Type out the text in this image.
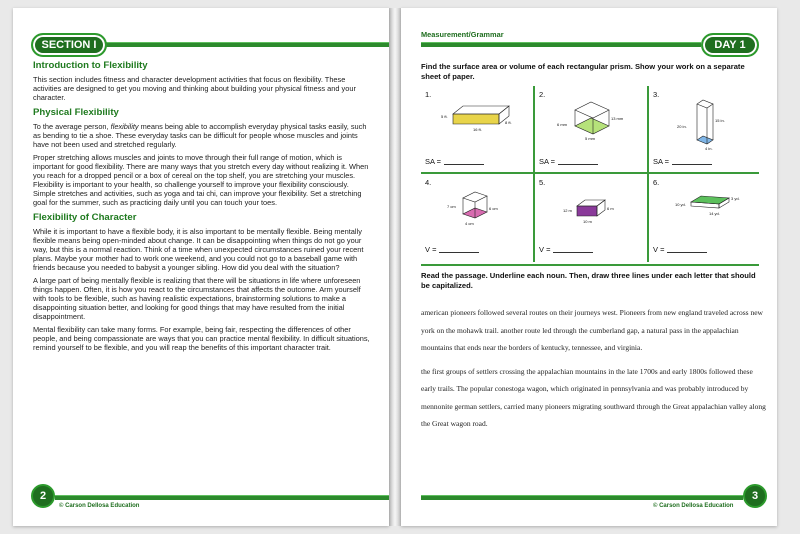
SECTION I
Introduction to Flexibility

This section includes fitness and character development activities that focus on flexibility. These activities are designed to get you moving and thinking about building your physical fitness and your character.

Physical Flexibility

To the average person, flexibility means being able to accomplish everyday physical tasks easily, such as bending to tie a shoe. These everyday tasks can be difficult for people whose muscles and joints have not been used and stretched regularly.

Proper stretching allows muscles and joints to move through their full range of motion, which is important for good flexibility. There are many ways that you stretch every day without realizing it. When you reach for a dropped pencil or a box of cereal on the top shelf, you are stretching your muscles. Flexibility is important to your health, so challenge yourself to improve your flexibility consciously. Simple stretches and activities, such as yoga and tai chi, can improve your flexibility. Set a stretching goal for the summer, such as practicing daily until you can touch your toes.

Flexibility of Character

While it is important to have a flexible body, it is also important to be mentally flexible. Being mentally flexible means being open-minded about change. It can be disappointing when things do not go your way, but this is a normal reaction. Think of a time when unexpected circumstances ruined your recent plans. Maybe your mother had to work one weekend, and you could not go to a baseball game with friends because you needed to babysit a younger sibling. How did you deal with the situation?

A large part of being mentally flexible is realizing that there will be situations in life where unforeseen things happen. Often, it is how you react to the circumstances that affects the outcome. Arm yourself with tools to be flexible, such as having realistic expectations, brainstorming solutions to make a disappointing situation better, and looking for good things that may have resulted from the initial disappointment.

Mental flexibility can take many forms. For example, being fair, respecting the differences of other people, and being compassionate are ways that you can practice mental flexibility. In difficult situations, remind yourself to be flexible, and you will reap the benefits of this important character trait.

2
© Carson Dellosa Education
Measurement/Grammar
DAY 1
Find the surface area or volume of each rectangular prism. Show your work on a separate sheet of paper.
1.
5 ft.
16 ft.
8 ft.
SA =
2.
6 mm
13 mm
5 mm
SA =
3.
20 in.
15 in.
4 in.
SA =
4.
7 cm	6 cm
4 cm
V =
5.
12 m	6 m
10 m
V =
6.
10 yd.
3 yd.
14 yd.
V =
Read the passage. Underline each noun. Then, draw three lines under each letter that should be capitalized.

american pioneers followed several routes on their journeys west. Pioneers from new england traveled across new york on the mohawk trail. another route led through the cumberland gap, a natural pass in the appalachian mountains that ends near the borders of kentucky, tennessee, and virginia.

the first groups of settlers crossing the appalachian mountains in the late 1700s and early 1800s followed these early trails. The popular conestoga wagon, which originated in pennsylvania and was probably introduced by mennonite german settlers, carried many pioneers migrating southward through the Great appalachian valley along the Great wagon road.

3
© Carson Dellosa Education
